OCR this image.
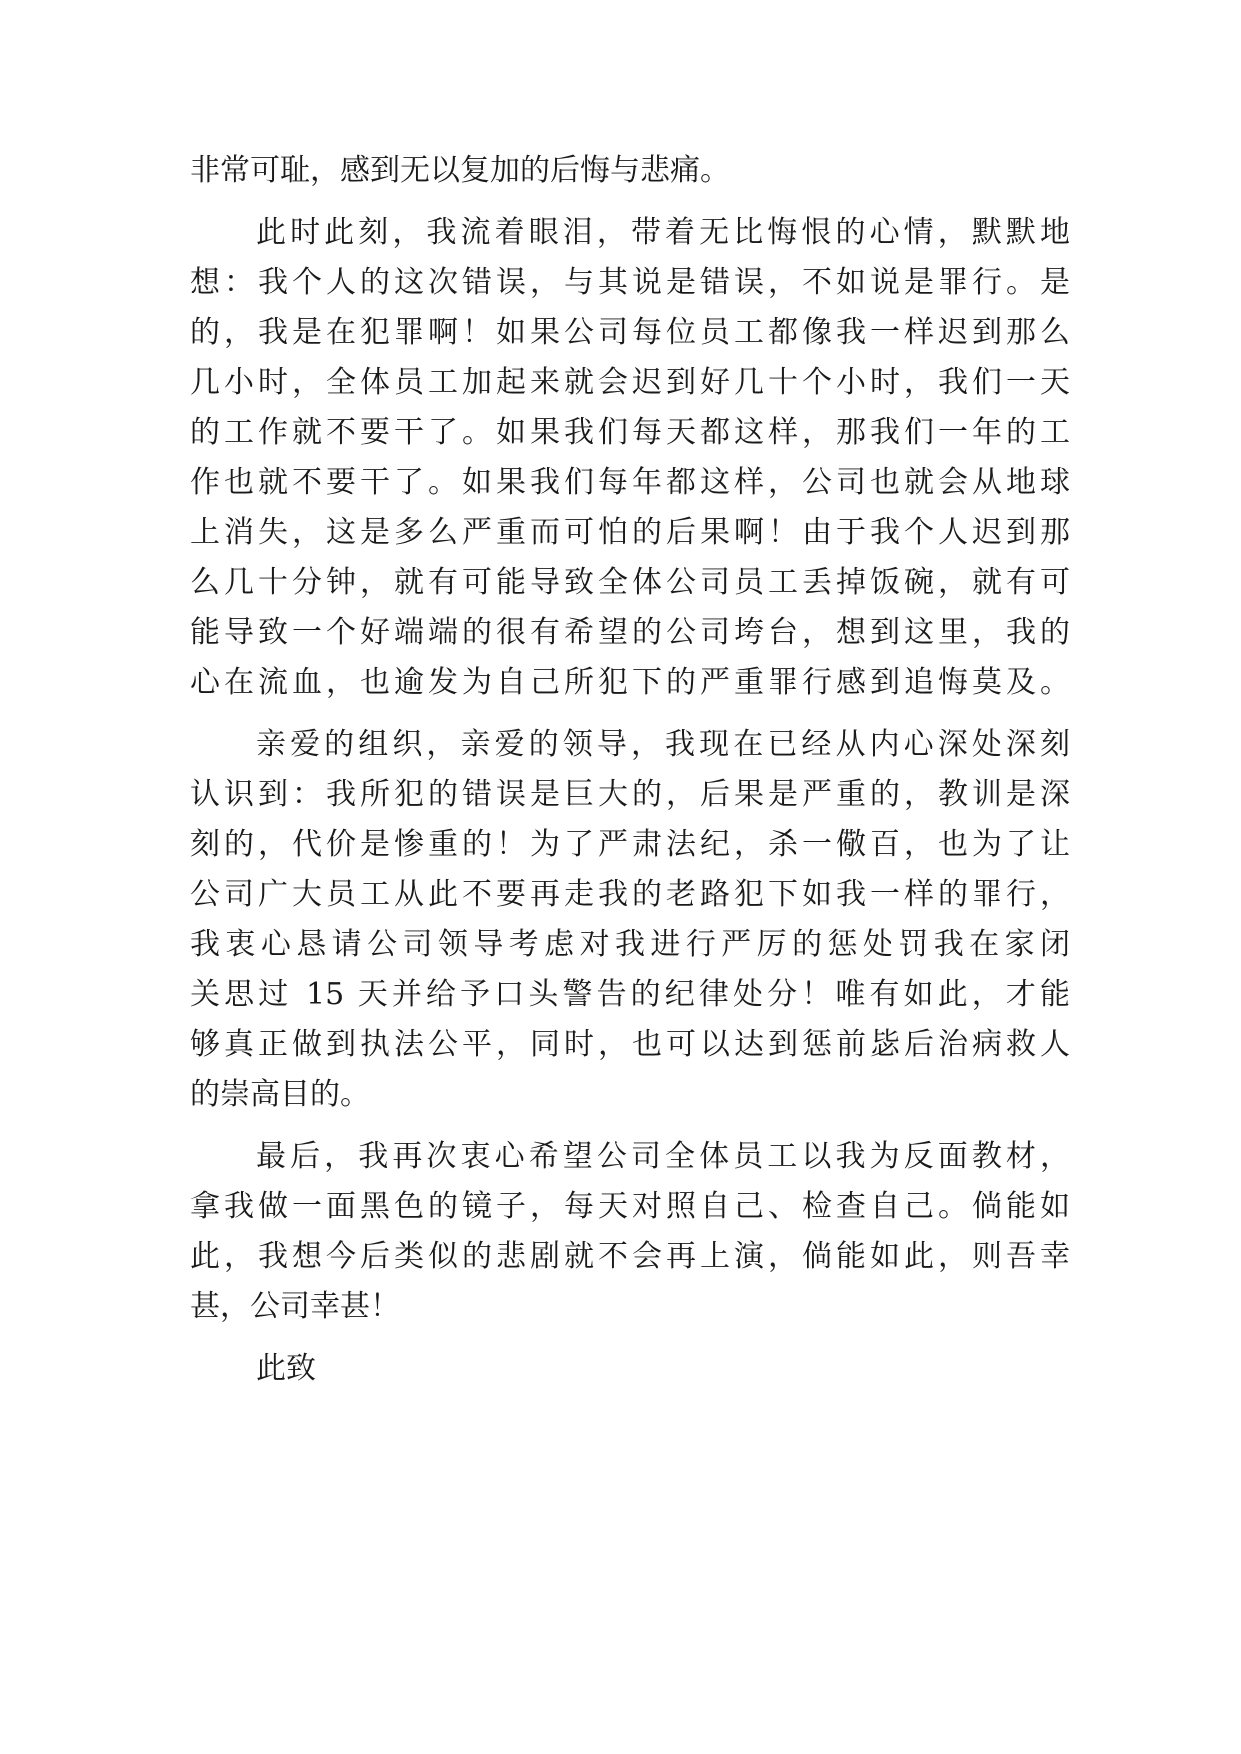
非常可耻，感到无以复加的后悔与悲痛。
此时此刻，我流着眼泪，带着无比悔恨的心情，默默地
想：我个人的这次错误，与其说是错误，不如说是罪行。是
的，我是在犯罪啊！如果公司每位员工都像我一样迟到那么
几小时，全体员工加起来就会迟到好几十个小时，我们一天
的工作就不要干了。如果我们每天都这样，那我们一年的工
作也就不要干了。如果我们每年都这样，公司也就会从地球
上消失，这是多么严重而可怕的后果啊！由于我个人迟到那
么几十分钟，就有可能导致全体公司员工丢掉饭碗，就有可
能导致一个好端端的很有希望的公司垮台，想到这里，我的
心在流血，也逾发为自己所犯下的严重罪行感到追悔莫及。
亲爱的组织，亲爱的领导，我现在已经从内心深处深刻
认识到：我所犯的错误是巨大的，后果是严重的，教训是深
刻的，代价是惨重的！为了严肃法纪，杀一儆百，也为了让
公司广大员工从此不要再走我的老路犯下如我一样的罪行，
我衷心恳请公司领导考虑对我进行严厉的惩处罚我在家闭
关思过 15 天并给予口头警告的纪律处分！唯有如此，才能
够真正做到执法公平，同时，也可以达到惩前毖后治病救人
的崇高目的。
最后，我再次衷心希望公司全体员工以我为反面教材，
拿我做一面黑色的镜子，每天对照自己、检查自己。倘能如
此，我想今后类似的悲剧就不会再上演，倘能如此，则吾幸
甚，公司幸甚！
此致
